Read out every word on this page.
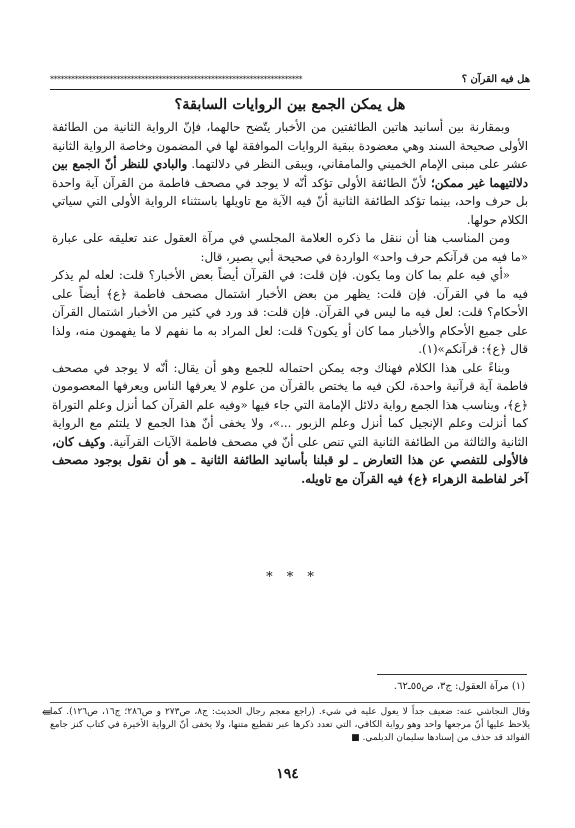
هل فيه القرآن ؟
************************************************************************
هل يمكن الجمع بين الروايات السابقة؟

وبمقارنة بين أسانيد هاتين الطائفتين من الأخبار يتّضح حالهما، فإنّ الرواية الثانية من الطائفة الأولى صحيحة السند وهي معضودة ببقية الروايات الموافقة لها في المضمون وخاصة الرواية الثانية عشر على مبنى الإمام الخميني والمامقاني، ويبقى النظر في دلالتهما. والبادي للنظر أنّ الجمع بين دلالتيهما غير ممكن؛ لأنّ الطائفة الأولى تؤكد أنّه لا يوجد في مصحف فاطمة من القرآن آية واحدة بل حرف واحد، بينما تؤكد الطائفة الثانية أنّ فيه الآية مع تاويلها باستثناء الرواية الأولى التي سياتي الكلام حولها.

ومن المناسب هنا أن ننقل ما ذكره العلامة المجلسي في مرآة العقول عند تعليقه على عبارة «ما فيه من قرآنكم حرف واحد» الواردة في صحيحة أبي بصير، قال:

«أي فيه علم بما كان وما يكون. فإن قلت: في القرآن أيضاً بعض الأخبار؟ قلت: لعله لم يذكر فيه ما في القرآن. فإن قلت: يظهر من بعض الأخبار اشتمال مصحف فاطمة ﴿ع﴾ أيضاً على الأحكام؟ قلت: لعل فيه ما ليس في القرآن. فإن قلت: قد ورد في كثير من الأخبار اشتمال القرآن على جميع الأحكام والأخبار مما كان أو يكون؟ قلت: لعل المراد به ما نفهم لا ما يفهمون منه، ولذا قال ﴿ع﴾: قرآنكم»(١).

وبناءً على هذا الكلام فهناك وجه يمكن احتماله للجمع وهو أن يقال: أنّه لا يوجد في مصحف فاطمة آية قرآنية واحدة، لكن فيه ما يختص بالقرآن من علوم لا يعرفها الناس ويعرفها المعصومون ﴿ع﴾، ويناسب هذا الجمع رواية دلائل الإمامة التي جاء فيها «وفيه علم القرآن كما أنزل وعلم التوراة كما أنزلت وعلم الإنجيل كما أنزل وعلم الزبور ...»، ولا يخفى أنّ هذا الجمع لا يلتئم مع الرواية الثانية والثالثة من الطائفة الثانية التي تنص على أنّ في مصحف فاطمة الآيات القرآنية. وكيف كان، فالأولى للتفصي عن هذا التعارض ـ لو قبلنا بأسانيد الطائفة الثانية ـ هو أن نقول بوجود مصحف آخر لفاطمة الزهراء ﴿ع﴾ فيه القرآن مع تاويله.

* * *
(١) مرآة العقول: ج٣، ص٥٥ـ٦٢.
⇚
وقال النجاشي عنه: ضعيف جداً لا يعول عليه في شيء. (راجع معجم رجال الحديث: ج٨، ص٢٧٣ و ص٢٨٦؛ ج١٦، ص١٢٦). كما يلاحظ عليها أنّ مرجعها واحد وهو رواية الكافي، التي تعدد ذكرها عبر تقطيع متنها، ولا يخفى أنّ الرواية الأخيرة في كتاب كنز جامع الفوائد قد حذف من إسنادها سليمان الديلمي. ■
١٩٤
